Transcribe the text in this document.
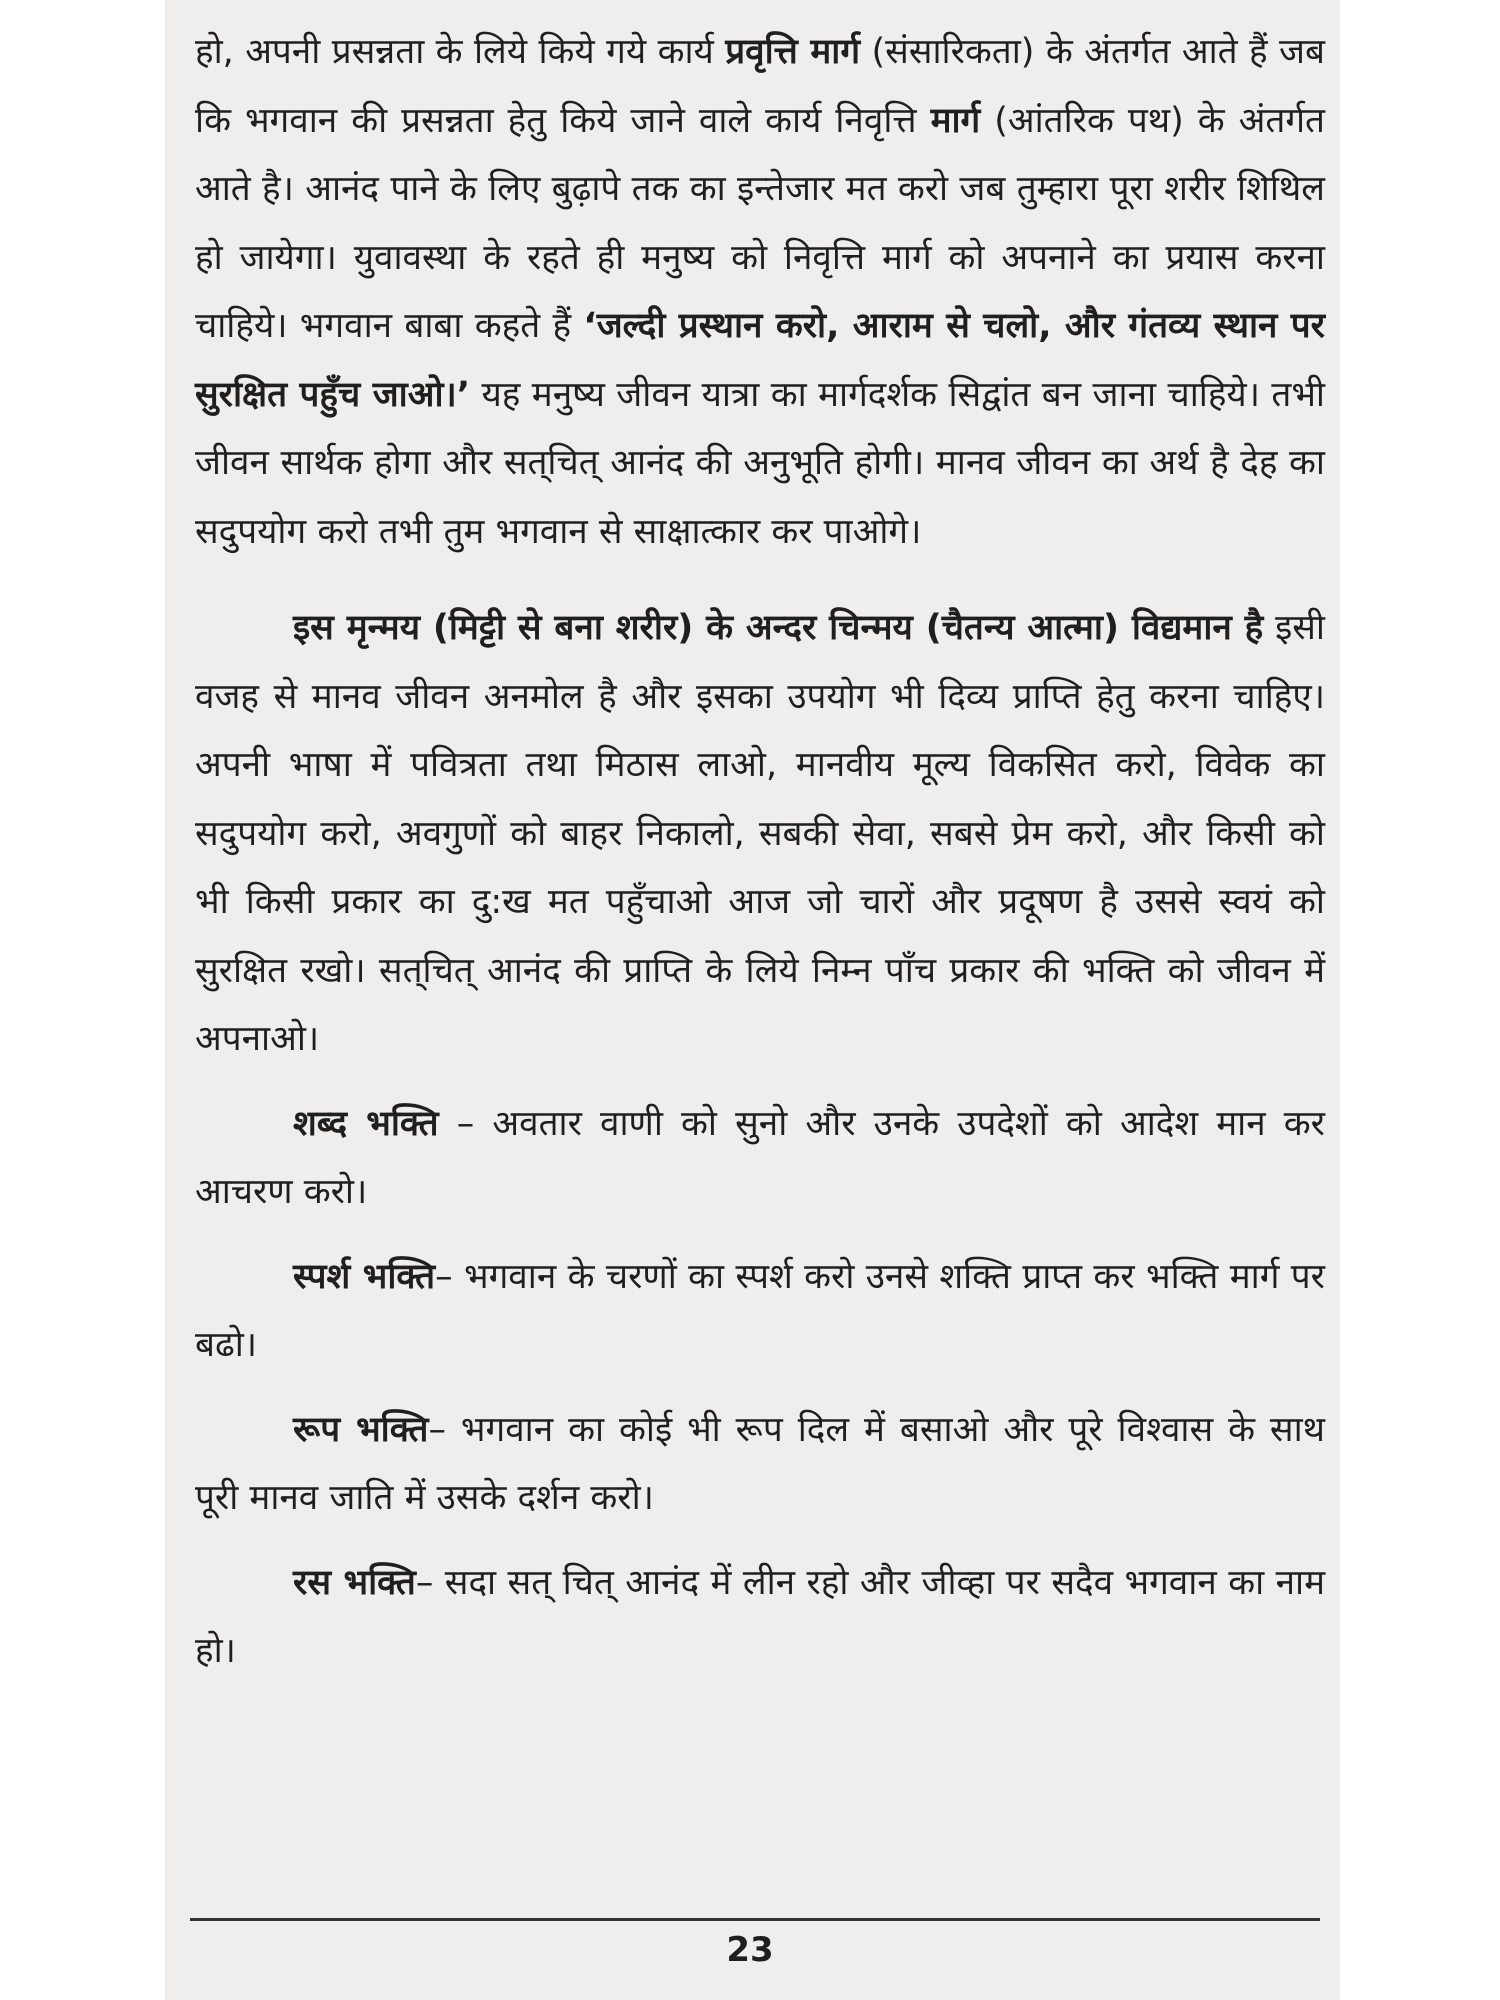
हो, अपनी प्रसन्नता के लिये किये गये कार्य प्रवृत्ति मार्ग (संसारिकता) के अंतर्गत आते हैं जब कि भगवान की प्रसन्नता हेतु किये जाने वाले कार्य निवृत्ति मार्ग (आंतरिक पथ) के अंतर्गत आते है। आनंद पाने के लिए बुढ़ापे तक का इन्तेजार मत करो जब तुम्हारा पूरा शरीर शिथिल हो जायेगा। युवावस्था के रहते ही मनुष्य को निवृत्ति मार्ग को अपनाने का प्रयास करना चाहिये। भगवान बाबा कहते हैं ‘जल्दी प्रस्थान करो, आराम से चलो, और गंतव्य स्थान पर सुरक्षित पहुँच जाओ।’ यह मनुष्य जीवन यात्रा का मार्गदर्शक सिद्वांत बन जाना चाहिये। तभी जीवन सार्थक होगा और सत्‌चित्‌ आनंद की अनुभूति होगी। मानव जीवन का अर्थ है देह का सदुपयोग करो तभी तुम भगवान से साक्षात्कार कर पाओगे।

इस मृन्मय (मिट्टी से बना शरीर) के अन्दर चिन्मय (चैतन्य आत्मा) विद्यमान है इसी वजह से मानव जीवन अनमोल है और इसका उपयोग भी दिव्य प्राप्ति हेतु करना चाहिए। अपनी भाषा में पवित्रता तथा मिठास लाओ, मानवीय मूल्य विकसित करो, विवेक का सदुपयोग करो, अवगुणों को बाहर निकालो, सबकी सेवा, सबसे प्रेम करो, और किसी को भी किसी प्रकार का दु:ख मत पहुँचाओ आज जो चारों और प्रदूषण है उससे स्वयं को सुरक्षित रखो। सत्‌चित्‌ आनंद की प्राप्ति के लिये निम्न पाँच प्रकार की भक्ति को जीवन में अपनाओ।

शब्द भक्ति – अवतार वाणी को सुनो और उनके उपदेशों को आदेश मान कर आचरण करो।

स्पर्श भक्ति– भगवान के चरणों का स्पर्श करो उनसे शक्ति प्राप्त कर भक्ति मार्ग पर बढो।

रूप भक्ति– भगवान का कोई भी रूप दिल में बसाओ और पूरे विश्वास के साथ पूरी मानव जाति में उसके दर्शन करो।

रस भक्ति– सदा सत्‌ चित्‌ आनंद में लीन रहो और जीव्हा पर सदैव भगवान का नाम हो।

23
